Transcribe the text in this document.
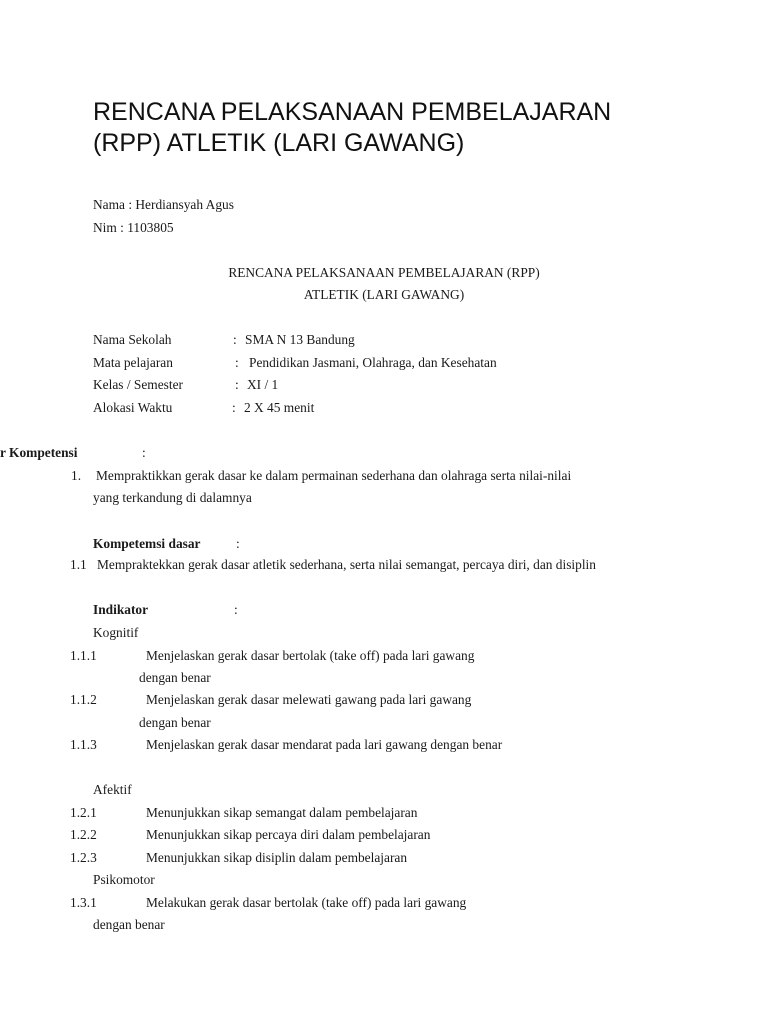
RENCANA PELAKSANAAN PEMBELAJARAN
(RPP) ATLETIK (LARI GAWANG)
Nama : Herdiansyah Agus
Nim : 1103805
RENCANA PELAKSANAAN PEMBELAJARAN (RPP)
ATLETIK (LARI GAWANG)
Nama Sekolah	: SMA N 13 Bandung
Mata pelajaran	: Pendidikan Jasmani, Olahraga, dan Kesehatan
Kelas / Semester	: XI / 1
Alokasi Waktu	: 2 X 45 menit
r Kompetensi	:
1. Mempraktikkan gerak dasar ke dalam permainan sederhana dan olahraga serta nilai-nilai
yang terkandung di dalamnya
Kompetemsi dasar	:
1.1 Mempraktekkan gerak dasar atletik sederhana, serta nilai semangat, percaya diri, dan disiplin
Indikator	:
Kognitif
1.1.1	Menjelaskan gerak dasar bertolak (take off) pada lari gawang
dengan benar
1.1.2	Menjelaskan gerak dasar melewati gawang pada lari gawang
dengan benar
1.1.3	Menjelaskan gerak dasar mendarat pada lari gawang dengan benar
Afektif
1.2.1	Menunjukkan sikap semangat dalam pembelajaran
1.2.2	Menunjukkan sikap percaya diri dalam pembelajaran
1.2.3	Menunjukkan sikap disiplin dalam pembelajaran
Psikomotor
1.3.1	Melakukan gerak dasar bertolak (take off) pada lari gawang
dengan benar
